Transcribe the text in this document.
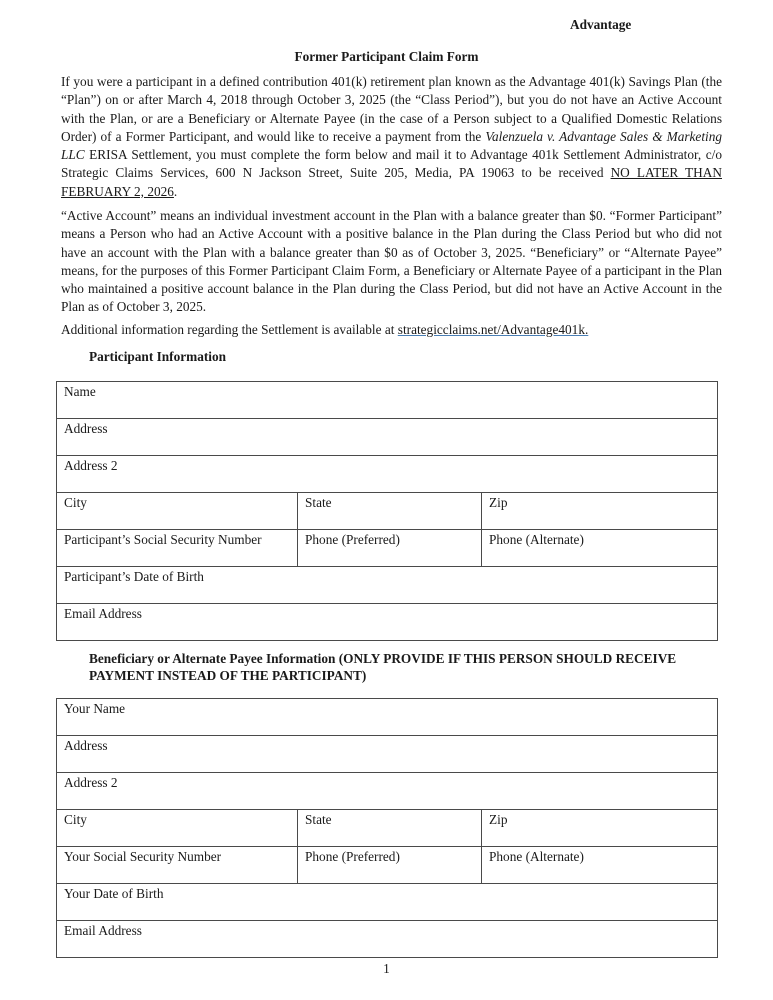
Advantage
Former Participant Claim Form

If you were a participant in a defined contribution 401(k) retirement plan known as the Advantage 401(k) Savings Plan (the “Plan”) on or after March 4, 2018 through October 3, 2025 (the “Class Period”), but you do not have an Active Account with the Plan, or are a Beneficiary or Alternate Payee (in the case of a Person subject to a Qualified Domestic Relations Order) of a Former Participant, and would like to receive a payment from the Valenzuela v. Advantage Sales & Marketing LLC ERISA Settlement, you must complete the form below and mail it to Advantage 401k Settlement Administrator, c/o Strategic Claims Services, 600 N Jackson Street, Suite 205, Media, PA 19063 to be received NO LATER THAN FEBRUARY 2, 2026.

“Active Account” means an individual investment account in the Plan with a balance greater than $0. “Former Participant” means a Person who had an Active Account with a positive balance in the Plan during the Class Period but who did not have an account with the Plan with a balance greater than $0 as of October 3, 2025. “Beneficiary” or “Alternate Payee” means, for the purposes of this Former Participant Claim Form, a Beneficiary or Alternate Payee of a participant in the Plan who maintained a positive account balance in the Plan during the Class Period, but did not have an Active Account in the Plan as of October 3, 2025.

Additional information regarding the Settlement is available at strategicclaims.net/Advantage401k.

Participant Information
Name		
Address		
Address 2		
City	State	Zip
Participant’s Social Security Number	Phone (Preferred)	Phone (Alternate)
Participant’s Date of Birth		
Email Address		
Beneficiary or Alternate Payee Information (ONLY PROVIDE IF THIS PERSON SHOULD RECEIVE PAYMENT INSTEAD OF THE PARTICIPANT)
Your Name		
Address		
Address 2		
City	State	Zip
Your Social Security Number	Phone (Preferred)	Phone (Alternate)
Your Date of Birth		
Email Address		
1
